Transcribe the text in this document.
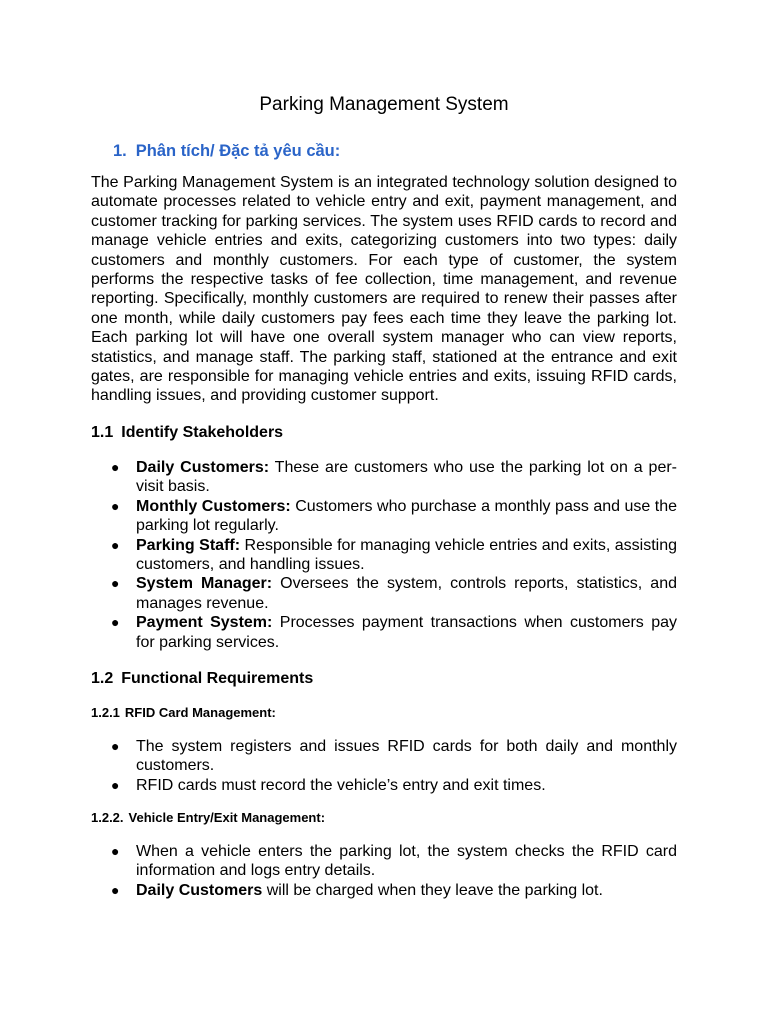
Parking Management System
1. Phân tích/ Đặc tả yêu cầu:

The Parking Management System is an integrated technology solution designed to automate processes related to vehicle entry and exit, payment management, and customer tracking for parking services. The system uses RFID cards to record and manage vehicle entries and exits, categorizing customers into two types: daily customers and monthly customers. For each type of customer, the system performs the respective tasks of fee collection, time management, and revenue reporting. Specifically, monthly customers are required to renew their passes after one month, while daily customers pay fees each time they leave the parking lot. Each parking lot will have one overall system manager who can view reports, statistics, and manage staff. The parking staff, stationed at the entrance and exit gates, are responsible for managing vehicle entries and exits, issuing RFID cards, handling issues, and providing customer support.

1.1 Identify Stakeholders
● Daily Customers: These are customers who use the parking lot on a per-visit basis.
● Monthly Customers: Customers who purchase a monthly pass and use the parking lot regularly.
● Parking Staff: Responsible for managing vehicle entries and exits, assisting customers, and handling issues.
● System Manager: Oversees the system, controls reports, statistics, and manages revenue.
● Payment System: Processes payment transactions when customers pay for parking services.
1.2 Functional Requirements
1.2.1 RFID Card Management:
● The system registers and issues RFID cards for both daily and monthly customers.
● RFID cards must record the vehicle’s entry and exit times.
1.2.2. Vehicle Entry/Exit Management:
● When a vehicle enters the parking lot, the system checks the RFID card information and logs entry details.
● Daily Customers will be charged when they leave the parking lot.
